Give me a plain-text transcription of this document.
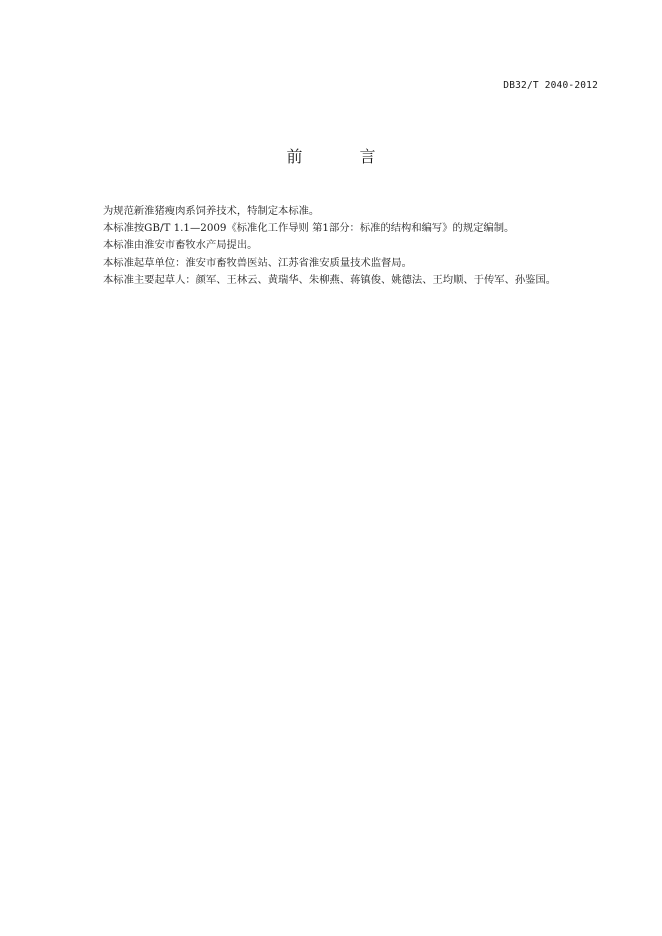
DB32/T 2040-2012
前 言

为规范新淮猪瘦肉系饲养技术，特制定本标准。

本标准按GB/T 1.1—2009《标准化工作导则 第1部分：标准的结构和编写》的规定编制。

本标准由淮安市畜牧水产局提出。

本标准起草单位：淮安市畜牧兽医站、江苏省淮安质量技术监督局。

本标准主要起草人：颜军、王林云、黄瑞华、朱柳燕、蒋镇俊、姚德法、王均顺、于传军、孙鉴国。
